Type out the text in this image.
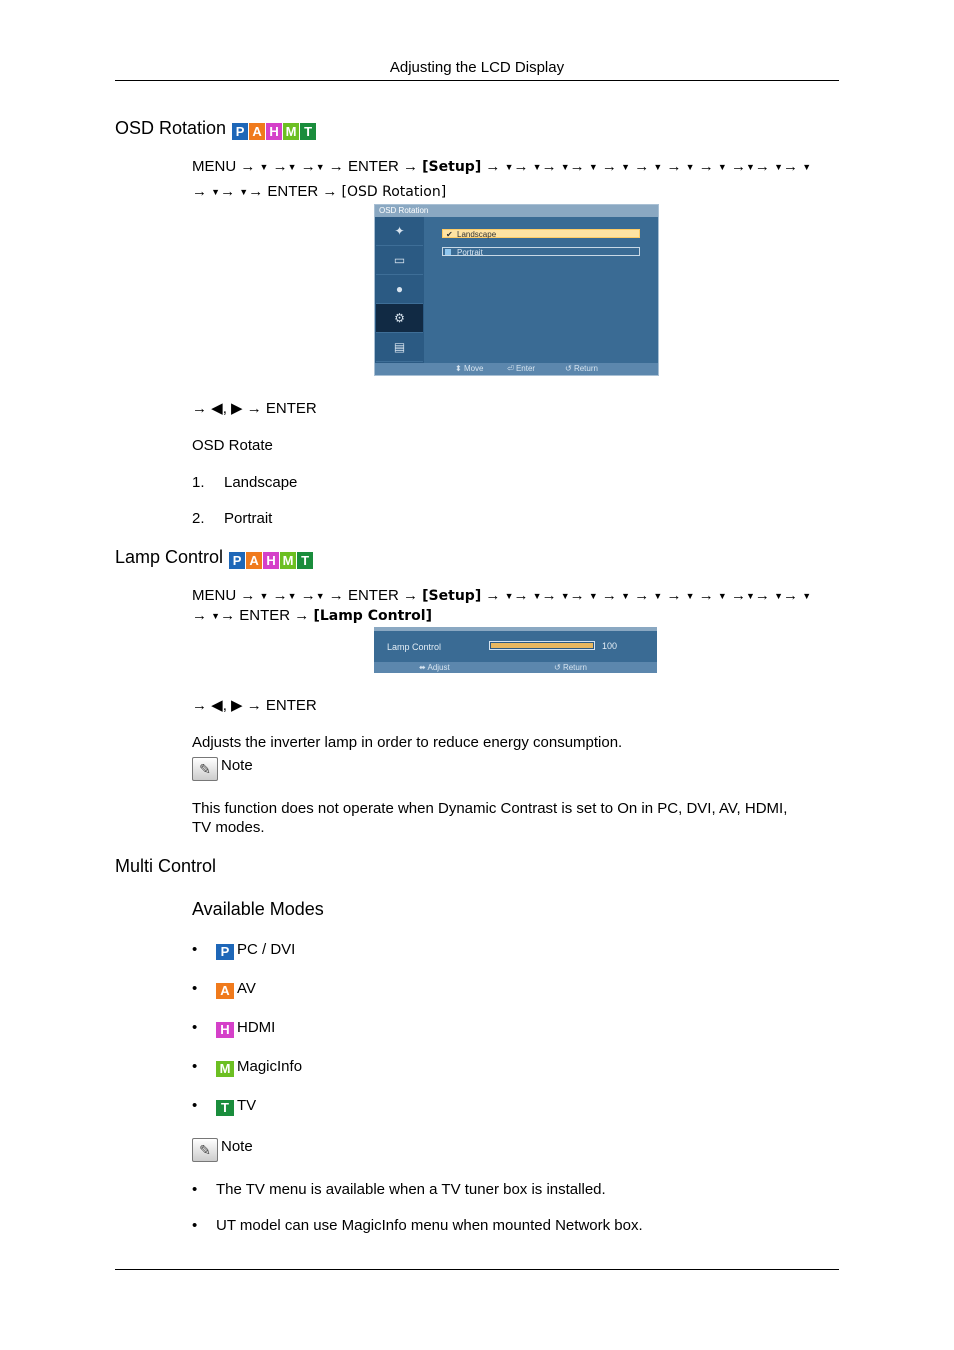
Adjusting the LCD Display
OSD Rotation P A H M T
MENU → ▼ →▼ →▼ → ENTER → [Setup] → ▼→ ▼→ ▼→ ▼ → ▼ → ▼ → ▼ → ▼ →▼→ ▼→ ▼
→ ▼→ ▼→ ENTER → [OSD Rotation]
OSD Rotation
✦
▭
●
⚙
▤
✔ Landscape
Portrait
⬍ Move	⏎ Enter	↺ Return
→ ◀, ▶ → ENTER
OSD Rotate
1. Landscape
2. Portrait
Lamp Control P A H M T
MENU → ▼ →▼ →▼ → ENTER → [Setup] → ▼→ ▼→ ▼→ ▼ → ▼ → ▼ → ▼ → ▼ →▼→ ▼→ ▼
→ ▼→ ENTER → [Lamp Control]
Lamp Control	100
⬌ Adjust	↺ Return
→ ◀, ▶ → ENTER
Adjusts the inverter lamp in order to reduce energy consumption.
✎ Note
This function does not operate when Dynamic Contrast is set to On in PC, DVI, AV, HDMI,
TV modes.
Multi Control
Available Modes
•	P PC / DVI
•	A AV
•	H HDMI
• M MagicInfo
•	T TV
✎ Note
• The TV menu is available when a TV tuner box is installed.
• UT model can use MagicInfo menu when mounted Network box.
